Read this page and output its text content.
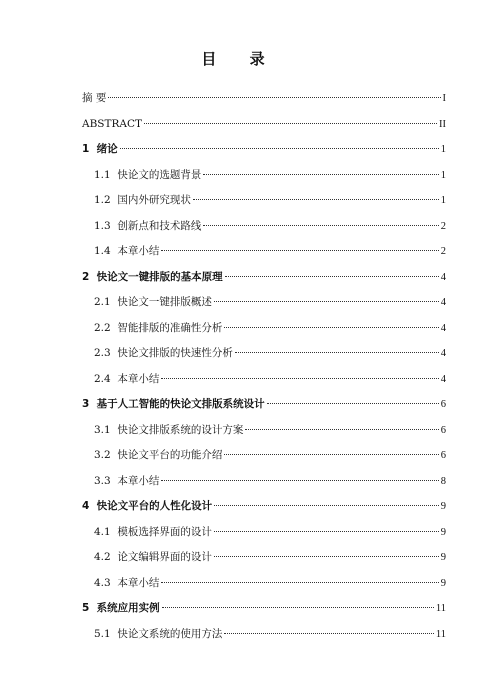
目 录
摘 要	I
ABSTRACT	II
1 绪论	1
1.1 快论文的选题背景	1
1.2 国内外研究现状	1
1.3 创新点和技术路线	2
1.4 本章小结	2
2 快论文一键排版的基本原理	4
2.1 快论文一键排版概述	4
2.2 智能排版的准确性分析	4
2.3 快论文排版的快速性分析	4
2.4 本章小结	4
3 基于人工智能的快论文排版系统设计	6
3.1 快论文排版系统的设计方案	6
3.2 快论文平台的功能介绍	6
3.3 本章小结	8
4 快论文平台的人性化设计	9
4.1 模板选择界面的设计	9
4.2 论文编辑界面的设计	9
4.3 本章小结	9
5 系统应用实例	11
5.1 快论文系统的使用方法	11
